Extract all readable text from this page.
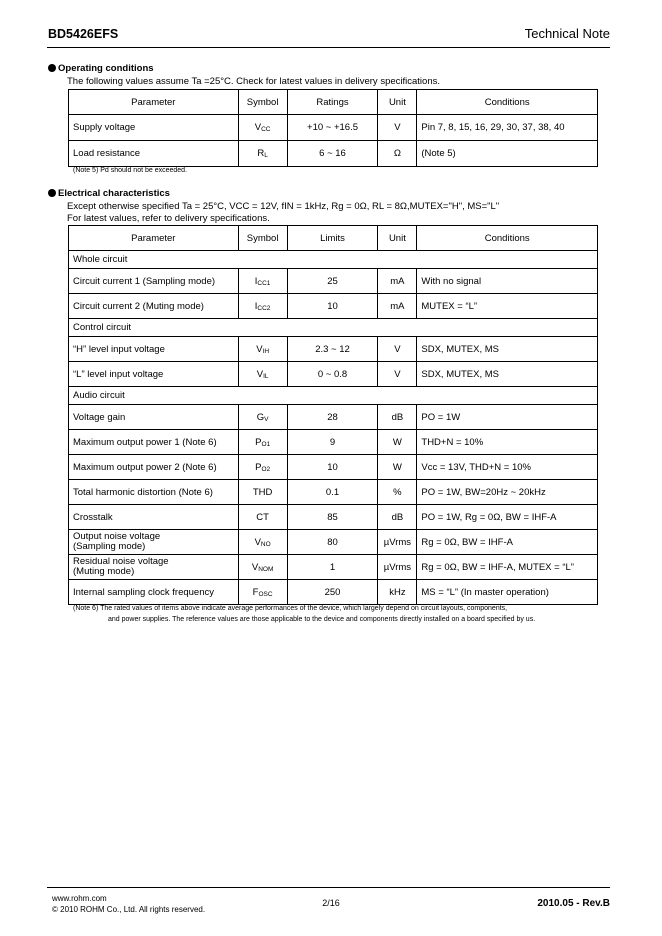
BD5426EFS	Technical Note
Operating conditions
The following values assume Ta =25°C. Check for latest values in delivery specifications.
Parameter	Symbol	Ratings	Unit	Conditions
Supply voltage	$V_{CC}$	+10 ~ +16.5	V	Pin 7, 8, 15, 16, 29, 30, 37, 38, 40
Load resistance	$R_L$	6 ~ 16	Ω	(Note 5)
(Note 5) Pd should not be exceeded.
Electrical characteristics
Except otherwise specified Ta = 25°C, VCC = 12V, fIN = 1kHz, Rg = 0Ω, RL = 8Ω,MUTEX="H", MS="L"
For latest values, refer to delivery specifications.
Parameter	Symbol	Limits	Unit	Conditions
Whole circuit				
Circuit current 1 (Sampling mode)	$I_{CC1}$	25	mA	With no signal
Circuit current 2 (Muting mode)	$I_{CC2}$	10	mA	MUTEX = “L”
Control circuit				
“H” level input voltage	$V_{IH}$	2.3 ~ 12	V	SDX, MUTEX, MS
“L” level input voltage	$V_{IL}$	0 ~ 0.8	V	SDX, MUTEX, MS
Audio circuit				
Voltage gain	$G_V$	28	dB	PO = 1W
Maximum output power 1 (Note 6)	$P_{O1}$	9	W	THD+N = 10%
Maximum output power 2 (Note 6)	$P_{O2}$	10	W	Vcc = 13V, THD+N = 10%
Total harmonic distortion (Note 6)	THD	0.1	%	PO = 1W, BW=20Hz ~ 20kHz
Crosstalk	CT	85	dB	PO = 1W, Rg = 0Ω, BW = IHF-A
Output noise voltage
(Sampling mode)	$V_{NO}$	80	µVrms	Rg = 0Ω, BW = IHF-A
Residual noise voltage
(Muting mode)	$V_{NOM}$	1	µVrms	Rg = 0Ω, BW = IHF-A, MUTEX = “L”
Internal sampling clock frequency	$F_{OSC}$	250	kHz	MS = “L” (In master operation)
(Note 6) The rated values of items above indicate average performances of the device, which largely depend on circuit layouts, components,
and power supplies. The reference values are those applicable to the device and components directly installed on a board specified by us.
www.rohm.com
© 2010 ROHM Co., Ltd. All rights reserved.
2/16	2010.05 - Rev.B
